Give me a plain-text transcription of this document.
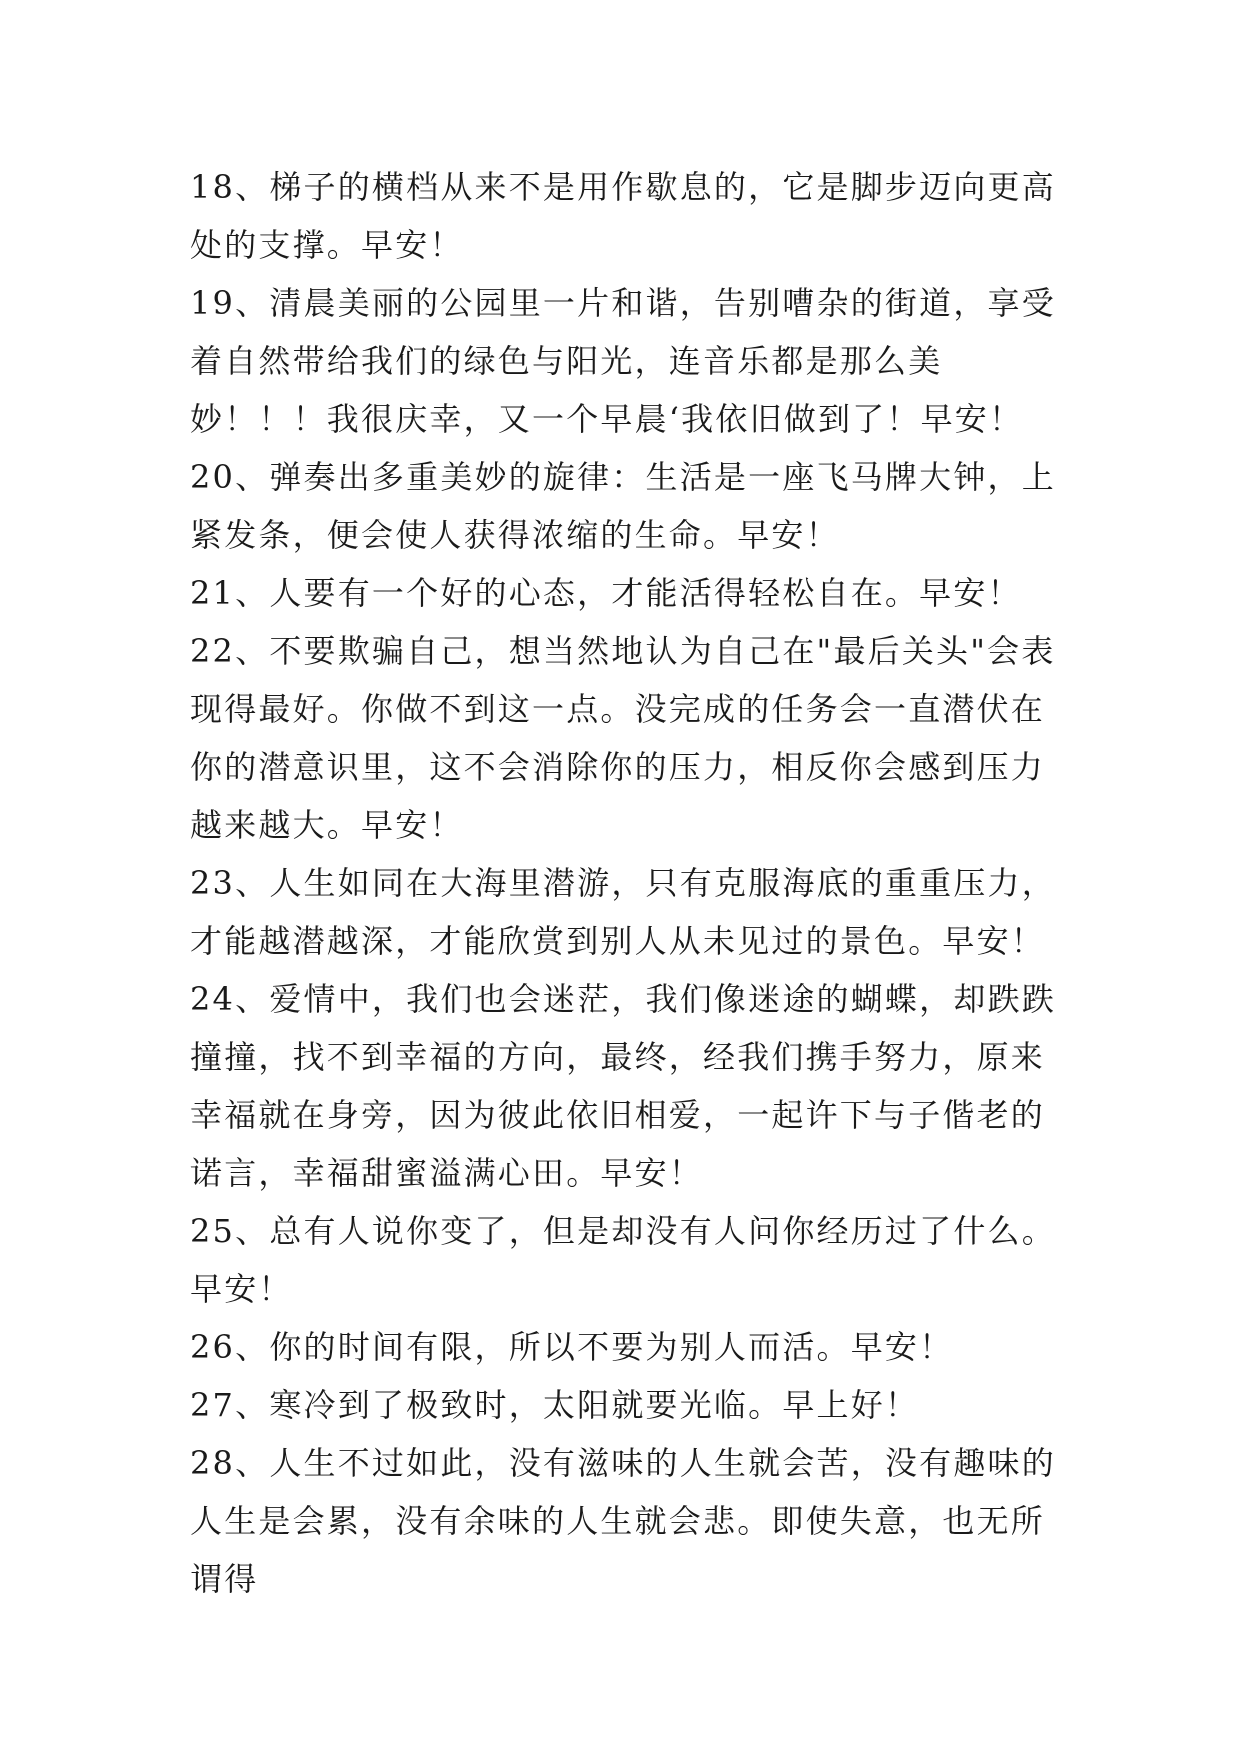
18、梯子的横档从来不是用作歇息的，它是脚步迈向更高处的支撑。早安！

19、清晨美丽的公园里一片和谐，告别嘈杂的街道，享受着自然带给我们的绿色与阳光，连音乐都是那么美妙！！！我很庆幸，又一个早晨‘我依旧做到了！早安！

20、弹奏出多重美妙的旋律：生活是一座飞马牌大钟，上紧发条，便会使人获得浓缩的生命。早安！

21、人要有一个好的心态，才能活得轻松自在。早安！

22、不要欺骗自己，想当然地认为自己在"最后关头"会表现得最好。你做不到这一点。没完成的任务会一直潜伏在你的潜意识里，这不会消除你的压力，相反你会感到压力越来越大。早安！

23、人生如同在大海里潜游，只有克服海底的重重压力，才能越潜越深，才能欣赏到别人从未见过的景色。早安！

24、爱情中，我们也会迷茫，我们像迷途的蝴蝶，却跌跌撞撞，找不到幸福的方向，最终，经我们携手努力，原来幸福就在身旁，因为彼此依旧相爱，一起许下与子偕老的诺言，幸福甜蜜溢满心田。早安！

25、总有人说你变了，但是却没有人问你经历过了什么。早安！

26、你的时间有限，所以不要为别人而活。早安！

27、寒冷到了极致时，太阳就要光临。早上好！

28、人生不过如此，没有滋味的人生就会苦，没有趣味的人生是会累，没有余味的人生就会悲。即使失意，也无所谓得
